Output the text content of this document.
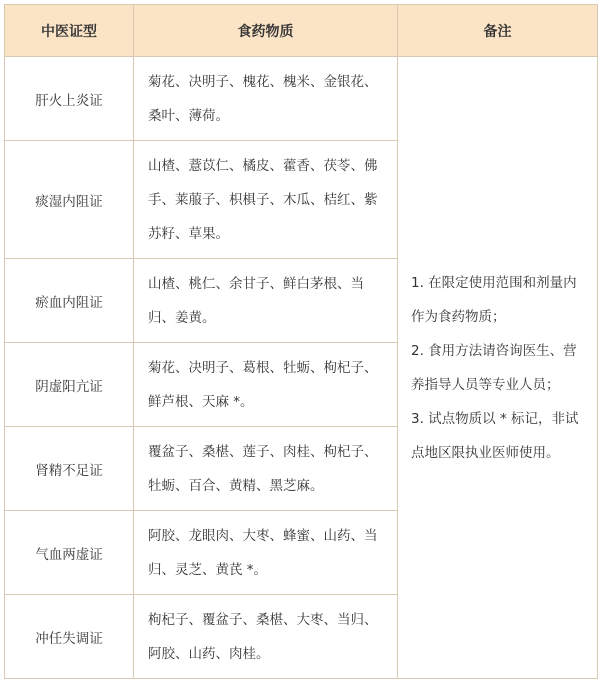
中医证型	食药物质	备注
肝火上炎证	菊花、决明子、槐花、槐米、金银花、桑叶、薄荷。	1. 在限定使用范围和剂量内作为食药物质；
2. 食用方法请咨询医生、营养指导人员等专业人员；
3. 试点物质以 * 标记，非试点地区限执业医师使用。

痰湿内阻证	山楂、薏苡仁、橘皮、藿香、茯苓、佛手、莱菔子、枳椇子、木瓜、桔红、紫苏籽、草果。	
瘀血内阻证	山楂、桃仁、余甘子、鲜白茅根、当归、姜黄。	
阴虚阳亢证	菊花、决明子、葛根、牡蛎、枸杞子、鲜芦根、天麻 *。	
肾精不足证	覆盆子、桑椹、莲子、肉桂、枸杞子、牡蛎、百合、黄精、黑芝麻。	
气血两虚证	阿胶、龙眼肉、大枣、蜂蜜、山药、当归、灵芝、黄芪 *。	
冲任失调证	枸杞子、覆盆子、桑椹、大枣、当归、阿胶、山药、肉桂。	
